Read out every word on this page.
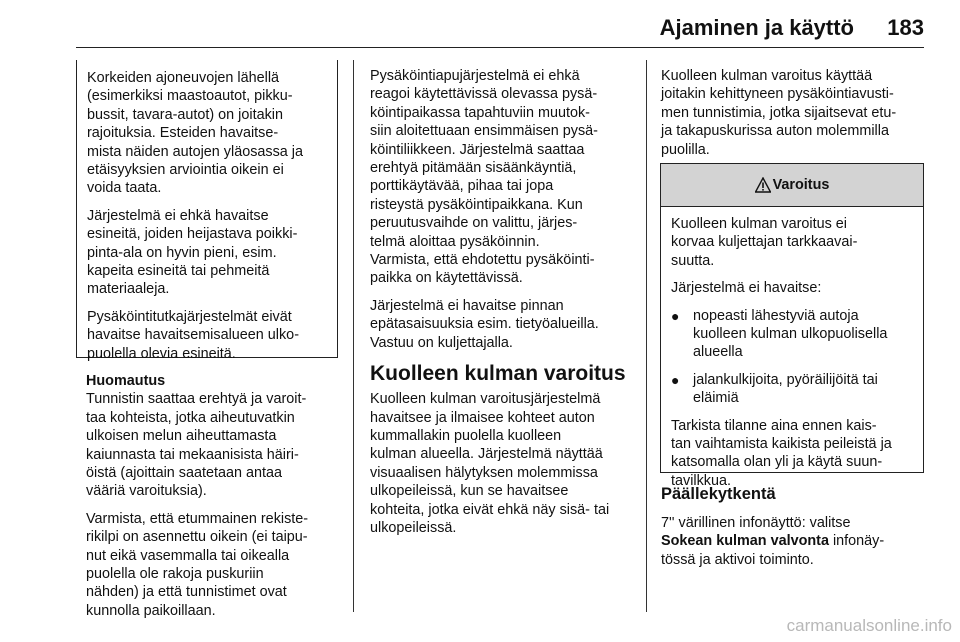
Ajaminen ja käyttö 183

Korkeiden ajoneuvojen lähellä
(esimerkiksi maastoautot, pikku-
bussit, tavara-autot) on joitakin
rajoituksia. Esteiden havaitse-
mista näiden autojen yläosassa ja
etäisyyksien arviointia oikein ei
voida taata.

Järjestelmä ei ehkä havaitse
esineitä, joiden heijastava poikki-
pinta-ala on hyvin pieni, esim.
kapeita esineitä tai pehmeitä
materiaaleja.

Pysäköintitutkajärjestelmät eivät
havaitse havaitsemisalueen ulko-
puolella olevia esineitä.

Huomautus

Tunnistin saattaa erehtyä ja varoit-
taa kohteista, jotka aiheutuvatkin
ulkoisen melun aiheuttamasta
kaiunnasta tai mekaanisista häiri-
öistä (ajoittain saatetaan antaa
vääriä varoituksia).

Varmista, että etummainen rekiste-
rikilpi on asennettu oikein (ei taipu-
nut eikä vasemmalla tai oikealla
puolella ole rakoja puskuriin
nähden) ja että tunnistimet ovat
kunnolla paikoillaan.

Pysäköintiapujärjestelmä ei ehkä
reagoi käytettävissä olevassa pysä-
köintipaikassa tapahtuviin muutok-
siin aloitettuaan ensimmäisen pysä-
köintiliikkeen. Järjestelmä saattaa
erehtyä pitämään sisäänkäyntiä,
porttikäytävää, pihaa tai jopa
risteystä pysäköintipaikkana. Kun
peruutusvaihde on valittu, järjes-
telmä aloittaa pysäköinnin.
Varmista, että ehdotettu pysäköinti-
paikka on käytettävissä.

Järjestelmä ei havaitse pinnan
epätasaisuuksia esim. tietyöalueilla.
Vastuu on kuljettajalla.

Kuolleen kulman varoitus

Kuolleen kulman varoitusjärjestelmä
havaitsee ja ilmaisee kohteet auton
kummallakin puolella kuolleen
kulman alueella. Järjestelmä näyttää
visuaalisen hälytyksen molemmissa
ulkopeileissä, kun se havaitsee
kohteita, jotka eivät ehkä näy sisä- tai
ulkopeileissä.

Kuolleen kulman varoitus käyttää
joitakin kehittyneen pysäköintiavusti-
men tunnistimia, jotka sijaitsevat etu-
ja takapuskurissa auton molemmilla
puolilla.

Varoitus

Kuolleen kulman varoitus ei
korvaa kuljettajan tarkkaavai-
suutta.

Järjestelmä ei havaitse:

● nopeasti lähestyviä autoja
kuolleen kulman ulkopuolisella
alueella
● jalankulkijoita, pyöräilijöitä tai
eläimiä

Tarkista tilanne aina ennen kais-
tan vaihtamista kaikista peileistä ja
katsomalla olan yli ja käytä suun-
tavilkkua.

Päällekytkentä

7'' värillinen infonäyttö: valitse
Sokean kulman valvonta infonäy-
tössä ja aktivoi toiminto.

carmanualsonline.info
